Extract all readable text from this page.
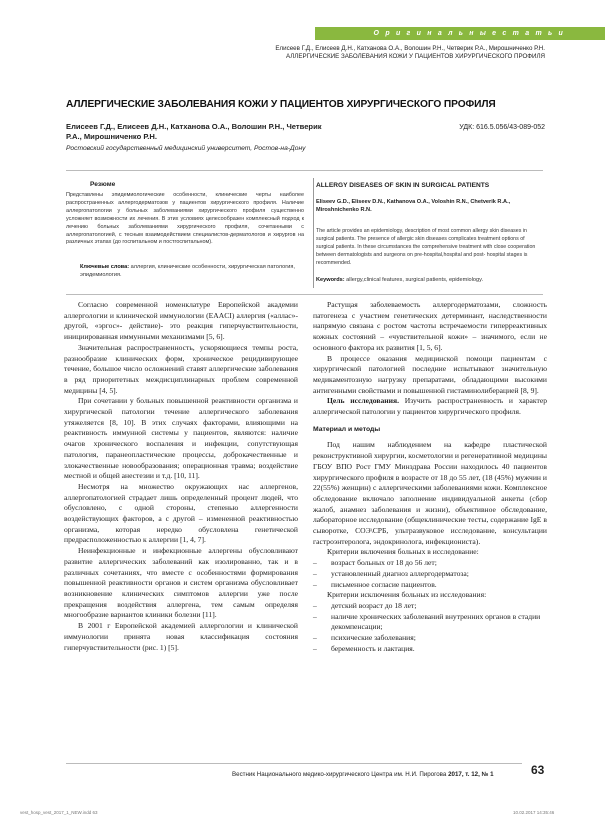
О р и г и н а л ь н ы е с т а т ь и
Елисеев Г.Д., Елисеев Д.Н., Катханова О.А., Волошин Р.Н., Четверик Р.А., Мирошниченко Р.Н.
АЛЛЕРГИЧЕСКИЕ ЗАБОЛЕВАНИЯ КОЖИ У ПАЦИЕНТОВ ХИРУРГИЧЕСКОГО ПРОФИЛЯ
АЛЛЕРГИЧЕСКИЕ ЗАБОЛЕВАНИЯ КОЖИ У ПАЦИЕНТОВ ХИРУРГИЧЕСКОГО ПРОФИЛЯ
Елисеев Г.Д., Елисеев Д.Н., Катханова О.А., Волошин Р.Н., Четверик Р.А., Мирошниченко Р.Н.
УДК: 616.5.056/43-089-052
Ростовский государственный медицинский университет, Ростов-на-Дону
Резюме
Представлены эпидемиологические особенности, клинические черты наиболее распространенных аллергодерматозов у пациентов хирургического профиля. Наличие аллергопатологии у больных заболеваниями хирургического профиля существенно усложняет возможности их лечения. В этих условиях целесообразен комплексный подход к лечению больных заболеваниями хирургического профиля, сочетанными с аллергопатологией, с тесным взаимодействием специалистов-дерматологов и хирургов на различных этапах (до госпитальном и постгоспитальном).
Ключевые слова: аллергия, клинические особенности, хирургическая патология, эпидемиология.
ALLERGY DISEASES OF SKIN IN SURGICAL PATIENTS
Eliseev G.D., Eliseev D.N., Kathanova O.A., Voloshin R.N., Chetverik R.A., Miroshnichenko R.N.
The article provides an epidemiology, description of most common allergy skin diseases in surgical patients. The presence of allergic skin diseases complicates treatment options of surgical patients. In these circumstances the comprehensive treatment with close cooperation between dermatologists and surgeons on pre-hospital,hospital and post- hospital stages is recommended.
Keywords: allergy,clinical features, surgical patients, epidemiology.

Согласно современной номенклатуре Европейской академии аллергологии и клинической иммунологии (EAACI) аллергия («аллас»- другой, «эргос»- действие)- это реакция гиперчувствительности, инициированная иммунными механизмами [5, 6].

Значительная распространенность, ускоряющиеся темпы роста, разнообразие клинических форм, хроническое рецидивирующее течение, большое число осложнений ставят аллергические заболевания в ряд приоритетных междисциплинарных проблем современной медицины [4, 5].

При сочетании у больных повышенной реактивности организма и хирургической патологии течение аллергического заболевания утяжеляется [8, 10]. В этих случаях факторами, влияющими на реактивность иммунной системы у пациентов, являются: наличие очагов хронического воспаления и инфекции, сопутствующая патология, паранеопластические процессы, доброкачественные и злокачественные новообразования; операционная травма; воздействие местной и общей анестезии и т.д. [10, 11].

Несмотря на множество окружающих нас аллергенов, аллергопатологией страдает лишь определенный процент людей, что обусловлено, с одной стороны, степенью аллергенности воздействующих факторов, а с другой – измененной реактивностью организма, которая нередко обусловлена генетической предрасположенностью к аллергии [1, 4, 7].

Неинфекционные и инфекционные аллергены обусловливают развитие аллергических заболеваний как изолированно, так и в различных сочетаниях, что вместе с особенностями формирования повышенной реактивности органов и систем организма обусловливает возникновение клинических симптомов аллергии уже после прекращения воздействия аллергена, тем самым определяя многообразие вариантов клиники болезни [11].

В 2001 г Европейской академией аллергологии и клинической иммунологии принята новая классификация состояния гиперчувствительности (рис. 1) [5].

Растущая заболеваемость аллергодерматозами, сложность патогенеза с участием генетических детерминант, наследственности напрямую связана с ростом частоты встречаемости гиперреактивных кожных состояний – «чувствительной кожи» – значимого, если не основного фактора их развития [1, 5, 6].

В процессе оказания медицинской помощи пациентам с хирургической патологией последние испытывают значительную медикаментозную нагрузку препаратами, обладающими высокими антигенными свойствами и повышенной гистаминолиберацией [8, 9].

Цель исследования. Изучить распространенность и характер аллергической патологии у пациентов хирургического профиля.

Материал и методы

Под нашим наблюдением на кафедре пластической реконструктивной хирургии, косметологии и регенеративной медицины ГБОУ ВПО Рост ГМУ Минздрава России находилось 40 пациентов хирургического профиля в возрасте от 18 до 55 лет, (18 (45%) мужчин и 22(55%) женщин) с аллергическими заболеваниями кожи. Комплексное обследование включало заполнение индивидуальной анкеты (сбор жалоб, анамнез заболевания и жизни), объективное обследование, лабораторное исследование (общеклинические тесты, содержание IgE в сыворотке, СОЭ\СРБ, ультразвуковое исследование, консультации гастроэнтеролога, эндокринолога, инфекциониста).

Критерии включения больных в исследование:

– возраст больных от 18 до 56 лет;
– установленный диагноз аллергодерматоза;
– письменное согласие пациентов.

Критерии исключения больных из исследования:

– детский возраст до 18 лет;
– наличие хронических заболеваний внутренних органов в стадии декомпенсации;
– психические заболевания;
– беременность и лактация.
Вестник Национального медико-хирургического Центра им. Н.И. Пирогова 2017, т. 12, № 1	63
vest_hosp_vest_2017_1_NEW.indd 63	10.02.2017 14:35:46
